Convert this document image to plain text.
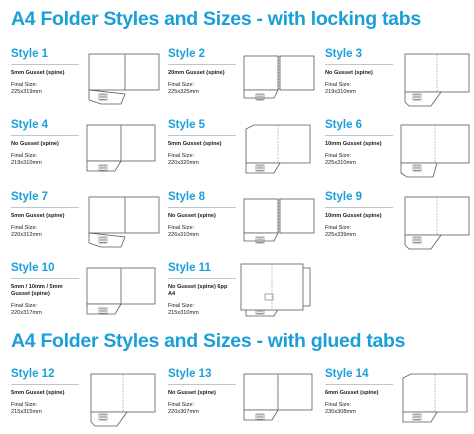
A4 Folder Styles and Sizes - with locking tabs
Style 1
5mm Gusset (spine)
Final Size:
225x319mm
Style 2
20mm Gusset (spine)
Final Size:
225x325mm
Style 3
No Gusset (spine)
Final Size:
219x310mm
Style 4
No Gusset (spine)
Final Size:
219x310mm
Style 5
5mm Gusset (spine)
Final Size:
220x320mm
Style 6
10mm Gusset (spine)
Final Size:
225x310mm
Style 7
5mm Gusset (spine)
Final Size:
220x312mm
Style 8
No Gusset (spine)
Final Size:
226x310mm
Style 9
10mm Gusset (spine)
Final Size:
225x339mm
Style 10
5mm / 10mm / 5mm Gusset (spine)
Final Size:
220x317mm
Style 11
No Gusset (spine) 6pp A4
Final Size:
215x310mm
A4 Folder Styles and Sizes - with glued tabs
Style 12
5mm Gusset (spine)
Final Size:
215x315mm
Style 13
No Gusset (spine)
Final Size:
220x307mm
Style 14
6mm Gusset (spine)
Final Size:
230x308mm
